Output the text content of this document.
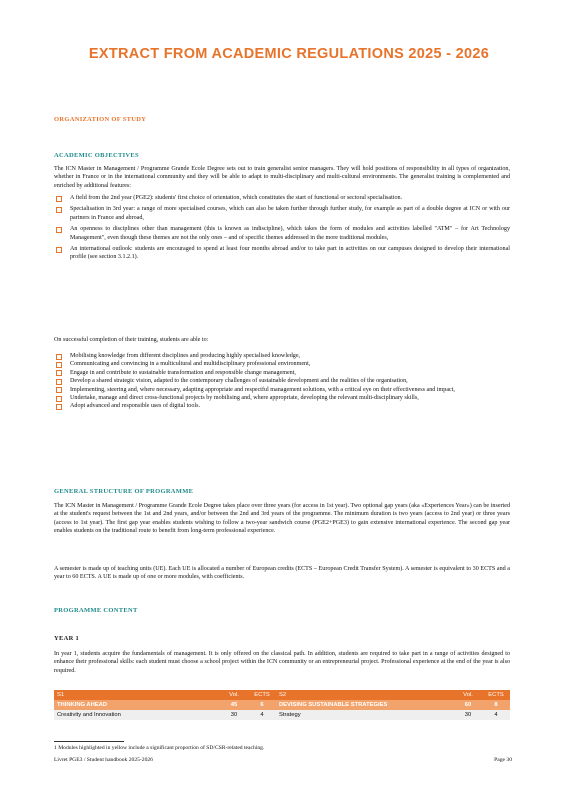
EXTRACT FROM ACADEMIC REGULATIONS 2025 - 2026
ORGANIZATION OF STUDY
ACADEMIC OBJECTIVES
The ICN Master in Management / Programme Grande Ecole Degree sets out to train generalist senior managers. They will hold positions of responsibility in all types of organization, whether in France or in the international community and they will be able to adapt to multi-disciplinary and multi-cultural environments. The generalist training is complemented and enriched by additional features:
A field from the 2nd year (PGE2): students' first choice of orientation, which constitutes the start of functional or sectoral specialisation.
Specialisation in 3rd year: a range of more specialised courses, which can also be taken further through further study, for example as part of a double degree at ICN or with our partners in France and abroad,
An openness to disciplines other than management (this is known as indiscipline), which takes the form of modules and activities labelled "ATM" – for Art Technology Management", even though these themes are not the only ones – and of specific themes addressed in the more traditional modules,
An international outlook: students are encouraged to spend at least four months abroad and/or to take part in activities on our campuses designed to develop their international profile (see section 3.1.2.1).
On successful completion of their training, students are able to:
Mobilising knowledge from different disciplines and producing highly specialised knowledge,
Communicating and convincing in a multicultural and multidisciplinary professional environment,
Engage in and contribute to sustainable transformation and responsible change management,
Develop a shared strategic vision, adapted to the contemporary challenges of sustainable development and the realities of the organisation,
Implementing, steering and, where necessary, adapting appropriate and respectful management solutions, with a critical eye on their effectiveness and impact,
Undertake, manage and direct cross-functional projects by mobilising and, where appropriate, developing the relevant multi-disciplinary skills,
Adopt advanced and responsible uses of digital tools.
GENERAL STRUCTURE OF PROGRAMME
The ICN Master in Management / Programme Grande Ecole Degree takes place over three years (for access in 1st year). Two optional gap years (aka «Experiences Year») can be inserted at the student's request between the 1st and 2nd years, and/or between the 2nd and 3rd years of the programme. The minimum duration is two years (access to 2nd year) or three years (access to 1st year). The first gap year enables students wishing to follow a two-year sandwich course (PGE2+PGE3) to gain extensive international experience. The second gap year enables students on the traditional route to benefit from long-term professional experience.
A semester is made up of teaching units (UE). Each UE is allocated a number of European credits (ECTS – European Credit Transfer System). A semester is equivalent to 30 ECTS and a year to 60 ECTS. A UE is made up of one or more modules, with coefficients.
PROGRAMME CONTENT
YEAR 1
In year 1, students acquire the fundamentals of management. It is only offered on the classical path. In addition, students are required to take part in a range of activities designed to enhance their professional skills: each student must choose a school project within the ICN community or an entrepreneurial project. Professional experience at the end of the year is also required.
S1	Vol.	ECTS	S2	Vol.	ECTS
THINKING AHEAD	45	6	DEVISING SUSTAINABLE STRATEGIES	60	8
Creativity and Innovation	30	4	Strategy	30	4
1 Modules highlighted in yellow include a significant proportion of SD/CSR-related teaching.
Livret PGE3 / Student handbook 2025-2026	Page 30
